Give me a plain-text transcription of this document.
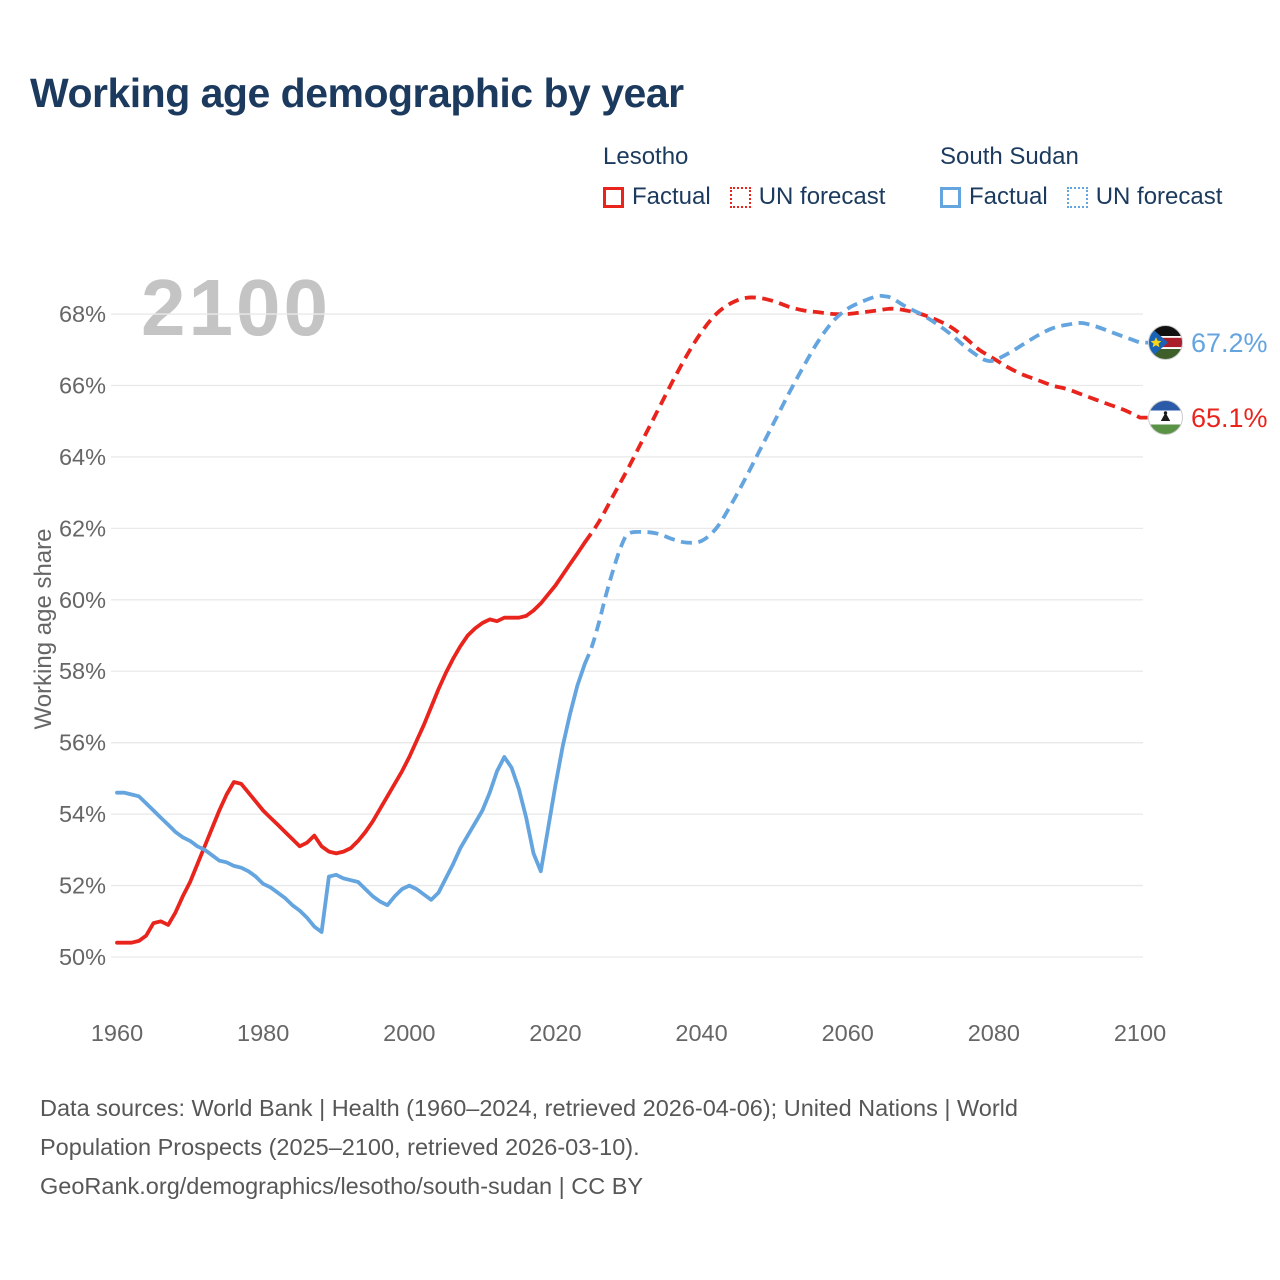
Working age demographic by year
Lesotho
Factual UN forecast
South Sudan
Factual UN forecast
2100
50%
52%
54%
56%
58%
60%
62%
64%
66%
68%
1960	1980	2000	2020	2040	2060	2080	2100
Working age share
67.2%
65.1%
Data sources: World Bank | Health (1960–2024, retrieved 2026-04-06); United Nations | World
Population Prospects (2025–2100, retrieved 2026-03-10).
GeoRank.org/demographics/lesotho/south-sudan | CC BY
